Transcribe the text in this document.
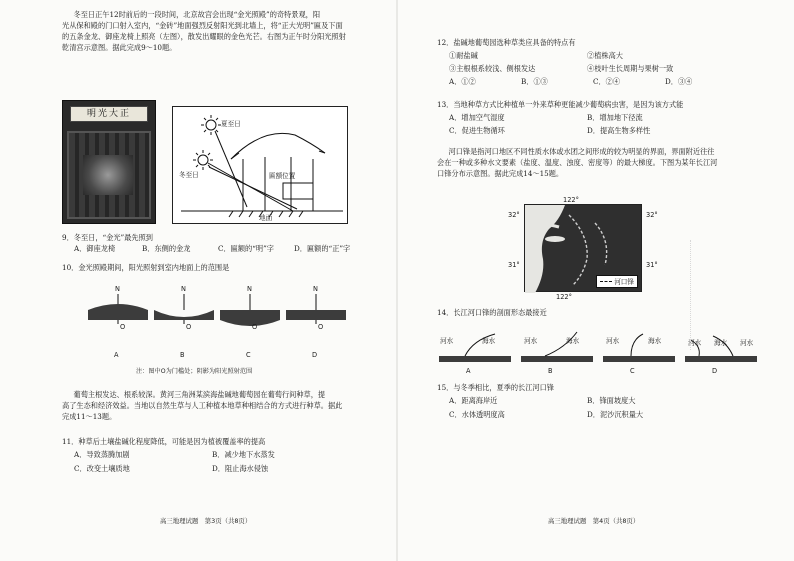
冬至日正午12时前后的一段时间，北京故宫会出现“金光照殿”的奇特景观，阳
光从保和殿的门口射入室内，“金砖”地面强烈反射阳光到北墙上，将“正大光明”匾及下面
的五条金龙、御座龙椅上照亮（左图），散发出耀眼的金色光芒。右图为正午时分阳光照射
乾清宫示意图。据此完成9～10题。
明光大正
夏至日
冬至日	匾额位置
地面
9．冬至日，“金光”最先照到
A．御座龙椅	B．东侧的金龙	C．匾额的“明”字	D．匾额的“正”字
10．金光照殿期间，阳光照射到室内地面上的范围是
N	N	N	N
O	O	O	O
A	B	C	D
注：图中O为门槛处；阴影为阳光照射范围
葡萄主根发达、根系较深。黄河三角洲某滨海盐碱地葡萄园在葡萄行间种草，提
高了生态和经济效益。当地以自然生草与人工种植本地草种相结合的方式进行种草。据此
完成11～13题。
11．种草后土壤盐碱化程度降低，可能是因为植被覆盖率的提高
A．导致蒸腾加剧	B．减少地下水蒸发
C．改变土壤质地	D．阻止海水侵蚀
高三地理试题　第3页（共8页）
12．盐碱地葡萄园选种草类应具备的特点有
①耐盐碱	②植株高大
③主根根系较浅、侧根发达	④枝叶生长周期与果树一致
A．①②	B．①③	C．②④	D．③④
13．当地种草方式比种植单一外来草种更能减少葡萄病虫害，是因为该方式能
A．增加空气湿度	B．增加地下径流
C．促进生物循环	D．提高生物多样性
河口锋是指河口地区不同性质水体或水团之间形成的较为明显的界面，界面附近往往
会在一种或多种水文要素（盐度、温度、浊度、密度等）的最大梯度。下图为某年长江河
口锋分布示意图。据此完成14～15题。
122°
32°	32°
31°	31°
河口锋
122°
14．长江河口锋的剖面形态最接近
河水	海水	河水	海水	河水	海水	河水 海水 河水
A	B	C	D
15．与冬季相比，夏季的长江河口锋
A．距离海岸近	B．锋面坡度大
C．水体透明度高	D．泥沙沉积量大
高三地理试题　第4页（共8页）
